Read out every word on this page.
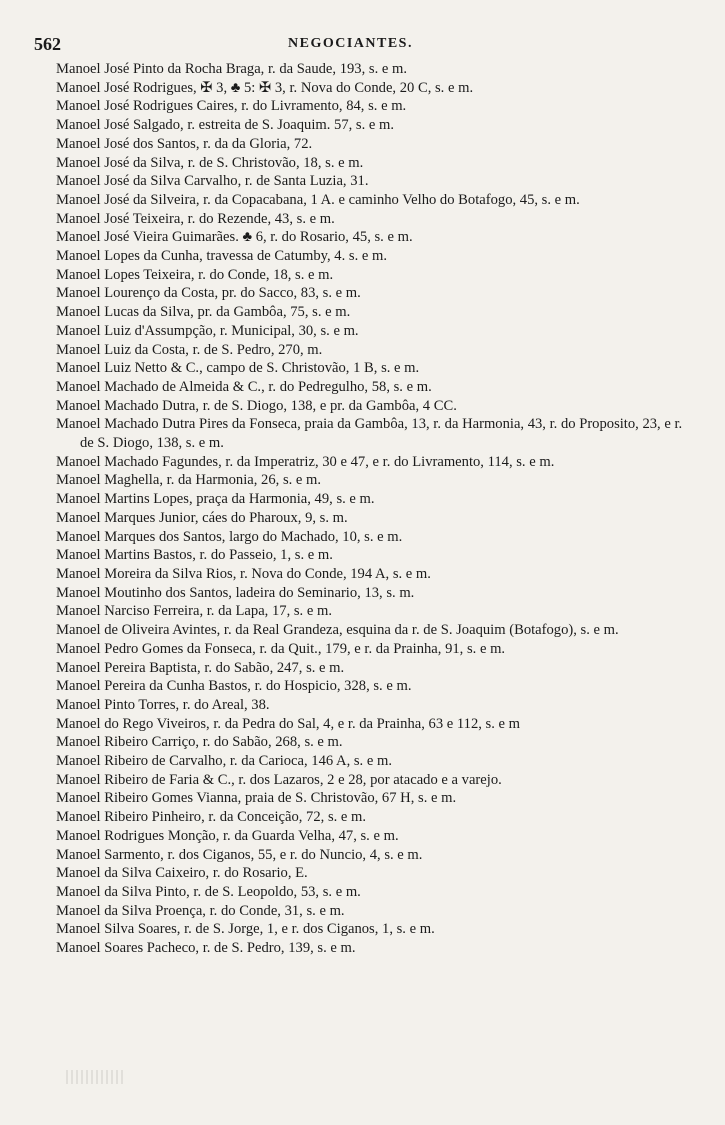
562	NEGOCIANTES.
Manoel José Pinto da Rocha Braga, r. da Saude, 193, s. e m.
Manoel José Rodrigues, ✠ 3, ♣ 5: ✠ 3, r. Nova do Conde, 20 C, s. e m.
Manoel José Rodrigues Caires, r. do Livramento, 84, s. e m.
Manoel José Salgado, r. estreita de S. Joaquim. 57, s. e m.
Manoel José dos Santos, r. da da Gloria, 72.
Manoel José da Silva, r. de S. Christovão, 18, s. e m.
Manoel José da Silva Carvalho, r. de Santa Luzia, 31.
Manoel José da Silveira, r. da Copacabana, 1 A. e caminho Velho do Botafogo, 45, s. e m.
Manoel José Teixeira, r. do Rezende, 43, s. e m.
Manoel José Vieira Guimarães. ♣ 6, r. do Rosario, 45, s. e m.
Manoel Lopes da Cunha, travessa de Catumby, 4. s. e m.
Manoel Lopes Teixeira, r. do Conde, 18, s. e m.
Manoel Lourenço da Costa, pr. do Sacco, 83, s. e m.
Manoel Lucas da Silva, pr. da Gambôa, 75, s. e m.
Manoel Luiz d'Assumpção, r. Municipal, 30, s. e m.
Manoel Luiz da Costa, r. de S. Pedro, 270, m.
Manoel Luiz Netto & C., campo de S. Christovão, 1 B, s. e m.
Manoel Machado de Almeida & C., r. do Pedregulho, 58, s. e m.
Manoel Machado Dutra, r. de S. Diogo, 138, e pr. da Gambôa, 4 CC.
Manoel Machado Dutra Pires da Fonseca, praia da Gambôa, 13, r. da Harmonia, 43, r. do Proposito, 23, e r. de S. Diogo, 138, s. e m.
Manoel Machado Fagundes, r. da Imperatriz, 30 e 47, e r. do Livramento, 114, s. e m.
Manoel Maghella, r. da Harmonia, 26, s. e m.
Manoel Martins Lopes, praça da Harmonia, 49, s. e m.
Manoel Marques Junior, cáes do Pharoux, 9, s. m.
Manoel Marques dos Santos, largo do Machado, 10, s. e m.
Manoel Martins Bastos, r. do Passeio, 1, s. e m.
Manoel Moreira da Silva Rios, r. Nova do Conde, 194 A, s. e m.
Manoel Moutinho dos Santos, ladeira do Seminario, 13, s. m.
Manoel Narciso Ferreira, r. da Lapa, 17, s. e m.
Manoel de Oliveira Avintes, r. da Real Grandeza, esquina da r. de S. Joaquim (Botafogo), s. e m.
Manoel Pedro Gomes da Fonseca, r. da Quit., 179, e r. da Prainha, 91, s. e m.
Manoel Pereira Baptista, r. do Sabão, 247, s. e m.
Manoel Pereira da Cunha Bastos, r. do Hospicio, 328, s. e m.
Manoel Pinto Torres, r. do Areal, 38.
Manoel do Rego Viveiros, r. da Pedra do Sal, 4, e r. da Prainha, 63 e 112, s. e m
Manoel Ribeiro Carriço, r. do Sabão, 268, s. e m.
Manoel Ribeiro de Carvalho, r. da Carioca, 146 A, s. e m.
Manoel Ribeiro de Faria & C., r. dos Lazaros, 2 e 28, por atacado e a varejo.
Manoel Ribeiro Gomes Vianna, praia de S. Christovão, 67 H, s. e m.
Manoel Ribeiro Pinheiro, r. da Conceição, 72, s. e m.
Manoel Rodrigues Monção, r. da Guarda Velha, 47, s. e m.
Manoel Sarmento, r. dos Ciganos, 55, e r. do Nuncio, 4, s. e m.
Manoel da Silva Caixeiro, r. do Rosario, E.
Manoel da Silva Pinto, r. de S. Leopoldo, 53, s. e m.
Manoel da Silva Proença, r. do Conde, 31, s. e m.
Manoel Silva Soares, r. de S. Jorge, 1, e r. dos Ciganos, 1, s. e m.
Manoel Soares Pacheco, r. de S. Pedro, 139, s. e m.
